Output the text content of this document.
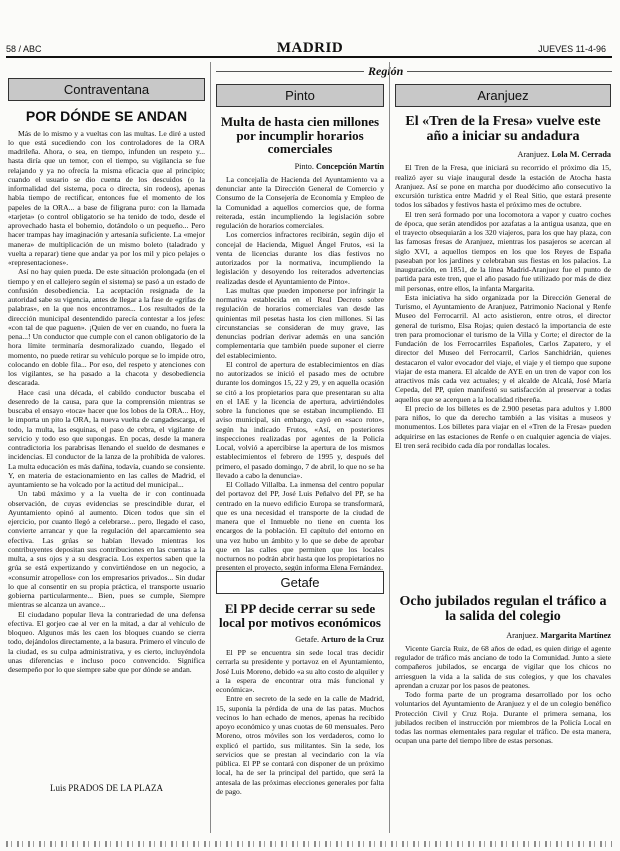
58 / ABC	MADRID	JUEVES 11-4-96
Región
Contraventana
POR DÓNDE SE ANDAN

Más de lo mismo y a vueltas con las multas. Le diré a usted lo que está sucediendo con los controladores de la ORA madrileña. Ahora, o sea, en tiempo, infunden un respeto y... hasta diría que un temor, con el tiempo, su vigilancia se fue relajando y ya no ofrecía la misma eficacia que al principio; cuando el usuario se dio cuenta de los descuidos (o la informalidad del sistema, poca o directa, sin rodeos), apenas había tiempo de rectificar, entonces fue el momento de los papeles de la ORA... a base de filigrana puro: con la llamada «tarjeta» (o control obligatorio se ha tenido de todo, desde el aprovechado hasta el bohemio, dotándolo o un pequeño... Pero hacer trampas hay imaginación y artesanía suficiente. La «mejor manera» de multiplicación de un mismo boleto (taladrado y vuelta a reparar) tiene que andar ya por los mil y pico pelajes o «representaciones».

Así no hay quien pueda. De este situación prolongada (en el tiempo y en el callejero según el sistema) se pasó a un estado de confusión desobediencia. La aceptación resignada de la autoridad sabe su vigencia, antes de llegar a la fase de «grifas de palabras», en la que nos encontramos... Los resultados de la dirección municipal desentendido parecía contestar a los jefes: «con tal de que paguen». ¡Quien de ver en cuando, no fuera la pena...! Un conductor que cumple con el canon obligatorio de la hora límite terminaría desmoralizado cuando, llegado el momento, no puede retirar su vehículo porque se lo impide otro, colocando en doble fila... Por eso, del respeto y atenciones con los vigilantes, se ha pasado a la chacota y desobediencia descarada.

Hace casi una década, el cabildo conductor buscaba el desenredo de la causa, para que la comprensión mientras se buscaba el ensayo «toca» hacer que los lobos de la ORA... Hoy, le importa un pito la ORA, la nueva vuelta de cangadescarga, el todo, la multa, las esquinas, el paso de cebra, el vigilante de servicio y todo eso que supongas. En pocas, desde la manera contradictoria los parabrisas llenando el sueldo de desmanes e incidencias. El conductor de la lanza de la prohibida de valores. La multa educación es más dañina, todavía, cuando se consiente. Y, en materia de estacionamiento en las calles de Madrid, el ayuntamiento se ha volcado por la actitud del municipal...

Un tabú máximo y a la vuelta de ir con continuada observación, de cuyas evidencias se prescindible durar, el Ayuntamiento opinó al aumento. Dicen todos que sin el ejercicio, por cuanto llegó a celebrarse... pero, llegado el caso, convierte arrancar y que la regulación del aparcamiento sea efectiva. Las grúas se habían llevado mientras los contribuyentes depositan sus contribuciones en las cuentas a la multa, a sus ojos y a su desgracia. Los expertos saben que la grúa se está expertizando y convirtiéndose en un negocio, a «consumir atropellos» con los empresarios privados... Sin dudar lo que al consentir en su propia práctica, el transporte usuario gobierna particularmente... Bien, pues se cumple, Siempre mientras se alcanza un avance...

El ciudadano popular lleva la contrariedad de una defensa efectiva. El gorjeo cae al ver en la mitad, a dar al vehículo de bloqueo. Algunos más les caen los bloques cuando se cierra todo, dejándolos directamente, a la basura. Primero el vínculo de la ciudad, es su culpa administrativa, y es cierto, incluyéndola unas diferencias e incluso poco convencido. Significa desempeño por lo que siempre sabe que por dónde se andan.

Luis PRADOS DE LA PLAZA
Pinto
Multa de hasta cien millones por incumplir horarios comerciales
Pinto. Concepción Martín

La concejalía de Hacienda del Ayuntamiento va a denunciar ante la Dirección General de Comercio y Consumo de la Consejería de Economía y Empleo de la Comunidad a aquellos comercios que, de forma reiterada, están incumpliendo la legislación sobre regulación de horarios comerciales.

Los comercios infractores recibirán, según dijo el concejal de Hacienda, Miguel Ángel Frutos, «si la venta de licencias durante los días festivos no autorizados por la normativa, incumpliendo la legislación y desoyendo los reiterados advertencias realizadas desde el Ayuntamiento de Pinto».

Las multas que pueden imponerse por infringir la normativa establecida en el Real Decreto sobre regulación de horarios comerciales van desde las quinientas mil pesetas hasta los cien millones. Si las circunstancias se consideran de muy grave, las denuncias podrían derivar además en una sanción complementaria que también puede suponer el cierre del establecimiento.

El control de apertura de establecimientos en días no autorizados se inició el pasado mes de octubre durante los domingos 15, 22 y 29, y en aquella ocasión se citó a los propietarios para que presentaran su alta en el IAE y la licencia de apertura, advirtiéndoles sobre la funciones que se estaban incumpliendo. El aviso municipal, sin embargo, cayó en «saco roto», según ha indicado Frutos, «Así, en posteriores inspecciones realizadas por agentes de la Policía Local, volvió a apercibirse la apertura de los mismos establecimientos el febrero de 1995 y, después del primero, el pasado domingo, 7 de abril, lo que no se ha llevado a cabo la denuncia».

El Collado Villalba. La inmensa del centro popular del portavoz del PP, José Luis Peñalvo del PP, se ha centrado en la nuevo edificio Europa se transformará, que es una necesidad el transporte de la ciudad de manera que el Inmueble no tiene en cuenta los encargos de la población. El capítulo del entorno en una vez hubo un ámbito y lo que se debe de aprobar que en las calles que permiten que los locales nocturnos no podrán abrir hasta que los propietarios no presenten el proyecto, según informa Elena Fernández.

Getafe
El PP decide cerrar su sede local por motivos económicos
Getafe. Arturo de la Cruz

El PP se encuentra sin sede local tras decidir cerrarla su presidente y portavoz en el Ayuntamiento, José Luis Moreno, debido «a su alto costo de alquiler y a la espera de encontrar otra más funcional y económica».

Entre en secreto de la sede en la calle de Madrid, 15, suponía la pérdida de una de las patas. Muchos vecinos lo han echado de menos, apenas ha recibido apoyo económico y unas cuotas de 60 mensuales. Pero Moreno, otros móviles son los verdaderos, como lo explicó el partido, sus militantes. Sin la sede, los servicios que se prestan al vecindario con la vía pública. El PP se contará con disponer de un próximo local, ha de ser la principal del partido, que será la antesala de las próximas elecciones generales por falta de pago.

Aranjuez
El «Tren de la Fresa» vuelve este año a iniciar su andadura
Aranjuez. Lola M. Cerrada

El Tren de la Fresa, que iniciará su recorrido el próximo día 15, realizó ayer su viaje inaugural desde la estación de Atocha hasta Aranjuez. Así se pone en marcha por duodécimo año consecutivo la excursión turística entre Madrid y el Real Sitio, que estará presente todos los sábados y festivos hasta el próximo mes de octubre.

El tren será formado por una locomotora a vapor y cuatro coches de época, que serán atendidos por azafatas a la antigua usanza, que en el trayecto obsequiarán a los 320 viajeros, para los que hay plaza, con las famosas fresas de Aranjuez, mientras los pasajeros se acercan al siglo XVI, a aquellos tiempos en los que los Reyes de España paseaban por los jardines y celebraban sus fiestas en los palacios. La inauguración, en 1851, de la línea Madrid-Aranjuez fue el punto de partida para este tren, que el año pasado fue utilizado por más de diez mil personas, entre ellos, la infanta Margarita.

Esta iniciativa ha sido organizada por la Dirección General de Turismo, el Ayuntamiento de Aranjuez, Patrimonio Nacional y Renfe Museo del Ferrocarril. Al acto asistieron, entre otros, el director general de turismo, Elsa Rojas; quien destacó la importancia de este tren para promocionar el turismo de la Villa y Corte; el director de la Fundación de los Ferrocarriles Españoles, Carlos Zapatero, y el director del Museo del Ferrocarril, Carlos Sanchidrián, quienes destacaron el valor evocador del viaje, el viaje y el tiempo que supone viajar de esta manera. El alcalde de AYE en un tren de vapor con los atractivos más cada vez actuales; y el alcalde de Alcalá, José María Cepeda, del PP, quien manifestó su satisfacción al preservar a todas aquellos que se acerquen a la localidad ribereña.

El precio de los billetes es de 2.900 pesetas para adultos y 1.800 para niños, lo que da derecho también a las visitas a museos y monumentos. Los billetes para viajar en el «Tren de la Fresa» pueden adquirirse en las estaciones de Renfe o en cualquier agencia de viajes. El tren será recibido cada día por rondallas locales.

Ocho jubilados regulan el tráfico a la salida del colegio
Aranjuez. Margarita Martínez

Vicente García Ruiz, de 68 años de edad, es quien dirige el agente regulador de tráfico más anciano de todo la Comunidad. Junto a siete compañeros jubilados, se encarga de vigilar que los chicos no arriesguen la vida a la salida de sus colegios, y que los chavales aprendan a cruzar por los pasos de peatones.

Todo forma parte de un programa desarrollado por los ocho voluntarios del Ayuntamiento de Aranjuez y el de un colegio benéfico Protección Civil y Cruz Roja. Durante el primera semana, los jubilados reciben el instrucción por miembros de la Policía Local en todas las normas elementales para regular el tráfico. De esta manera, ocupan una parte del tiempo libre de estas personas.
